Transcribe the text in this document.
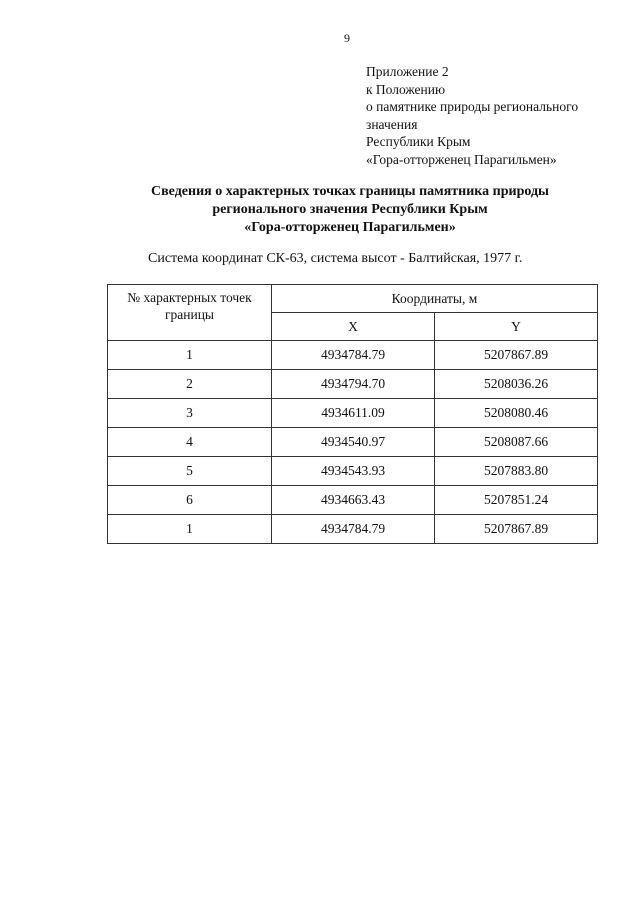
9
Приложение 2
к Положению
о памятнике природы регионального
значения
Республики Крым
«Гора-отторженец Парагильмен»
Сведения о характерных точках границы памятника природы
регионального значения Республики Крым
«Гора-отторженец Парагильмен»
Система координат СК-63, система высот - Балтийская, 1977 г.
№ характерных точек границы	Координаты, м	
	X	Y
1	4934784.79	5207867.89
2	4934794.70	5208036.26
3	4934611.09	5208080.46
4	4934540.97	5208087.66
5	4934543.93	5207883.80
6	4934663.43	5207851.24
1	4934784.79	5207867.89
